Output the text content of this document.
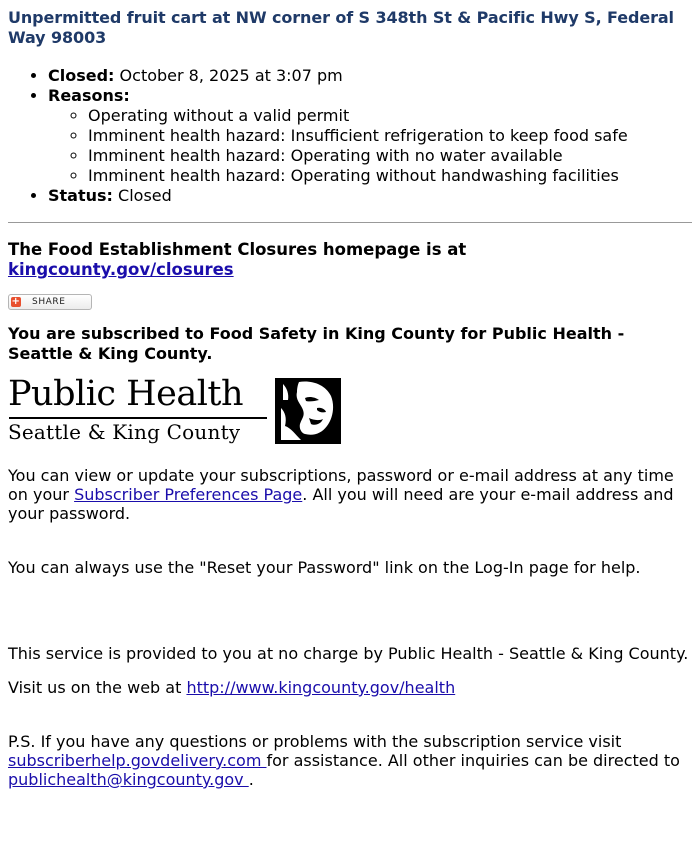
Unpermitted fruit cart at NW corner of S 348th St & Pacific Hwy S, Federal Way 98003
• Closed: October 8, 2025 at 3:07 pm
• Reasons:
◦ Operating without a valid permit
◦ Imminent health hazard: Insufficient refrigeration to keep food safe
◦ Imminent health hazard: Operating with no water available
◦ Imminent health hazard: Operating without handwashing facilities
• Status: Closed

The Food Establishment Closures homepage is at kingcounty.gov/closures

+ SHARE

You are subscribed to Food Safety in King County for Public Health - Seattle & King County.

Public Health
Seattle & King County

You can view or update your subscriptions, password or e-mail address at any time on your Subscriber Preferences Page. All you will need are your e-mail address and your password.

You can always use the "Reset your Password" link on the Log-In page for help.

This service is provided to you at no charge by Public Health - Seattle & King County.

Visit us on the web at http://www.kingcounty.gov/health

P.S. If you have any questions or problems with the subscription service visit subscriberhelp.govdelivery.com for assistance. All other inquiries can be directed to publichealth@kingcounty.gov .
